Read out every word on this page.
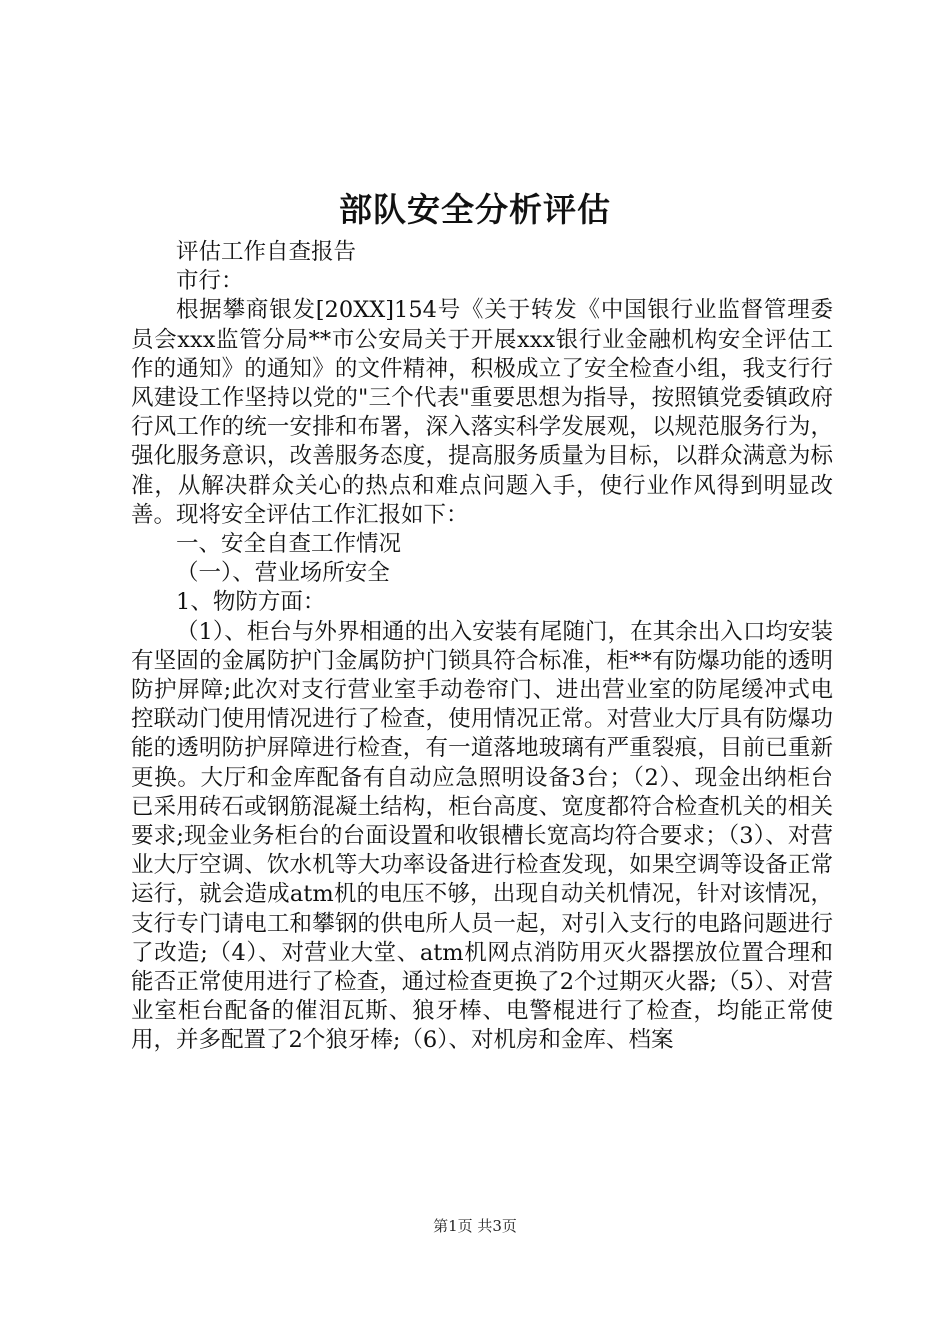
部队安全分析评估

评估工作自查报告

市行：

根据攀商银发[20XX]154号《关于转发《中国银行业监督管理委员会xxx监管分局**市公安局关于开展xxx银行业金融机构安全评估工作的通知》的通知》的文件精神，积极成立了安全检查小组，我支行行风建设工作坚持以党的"三个代表"重要思想为指导，按照镇党委镇政府行风工作的统一安排和布署，深入落实科学发展观，以规范服务行为，强化服务意识，改善服务态度，提高服务质量为目标，以群众满意为标准，从解决群众关心的热点和难点问题入手，使行业作风得到明显改善。现将安全评估工作汇报如下：

一、安全自查工作情况

（一）、营业场所安全

1、物防方面：

（1）、柜台与外界相通的出入安装有尾随门，在其余出入口均安装有坚固的金属防护门金属防护门锁具符合标准，柜**有防爆功能的透明防护屏障;此次对支行营业室手动卷帘门、进出营业室的防尾缓冲式电控联动门使用情况进行了检查，使用情况正常。对营业大厅具有防爆功能的透明防护屏障进行检查，有一道落地玻璃有严重裂痕，目前已重新更换。大厅和金库配备有自动应急照明设备3台；（2）、现金出纳柜台已采用砖石或钢筋混凝土结构，柜台高度、宽度都符合检查机关的相关要求;现金业务柜台的台面设置和收银槽长宽高均符合要求；（3）、对营业大厅空调、饮水机等大功率设备进行检查发现，如果空调等设备正常运行，就会造成atm机的电压不够，出现自动关机情况，针对该情况，支行专门请电工和攀钢的供电所人员一起，对引入支行的电路问题进行了改造;（4）、对营业大堂、atm机网点消防用灭火器摆放位置合理和能否正常使用进行了检查，通过检查更换了2个过期灭火器;（5）、对营业室柜台配备的催泪瓦斯、狼牙棒、电警棍进行了检查，均能正常使用，并多配置了2个狼牙棒;（6）、对机房和金库、档案

第1页 共3页
